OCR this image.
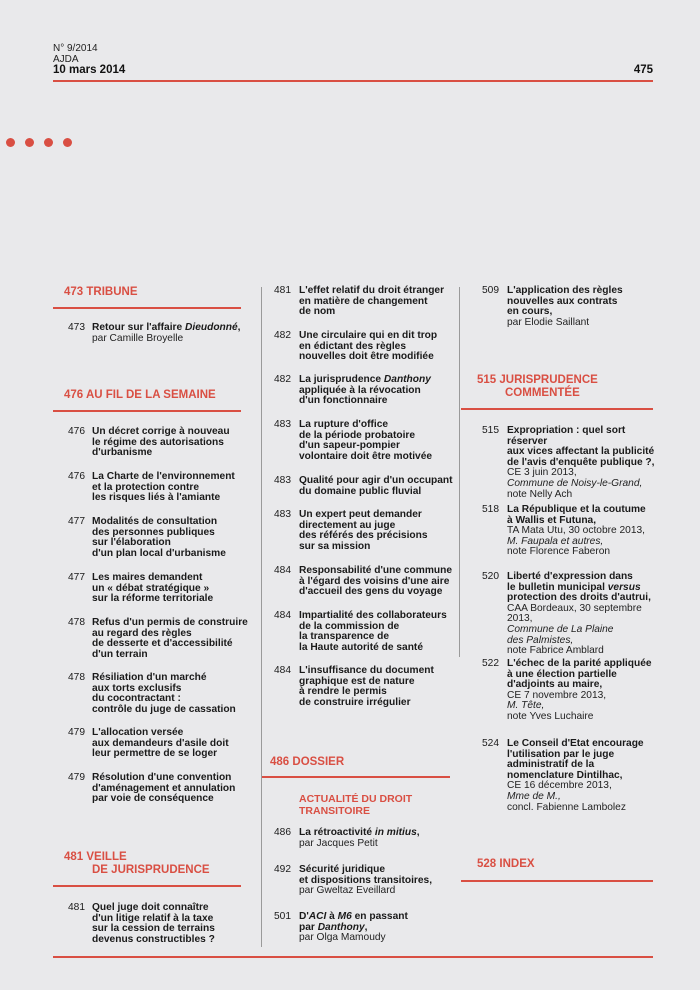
N° 9/2014
AJDA
10 mars 2014	475
473 TRIBUNE
473 Retour sur l'affaire Dieudonné,
par Camille Broyelle
476 AU FIL DE LA SEMAINE
476 Un décret corrige à nouveau
le régime des autorisations
d'urbanisme
476 La Charte de l'environnement
et la protection contre
les risques liés à l'amiante
477 Modalités de consultation
des personnes publiques
sur l'élaboration
d'un plan local d'urbanisme
477 Les maires demandent
un « débat stratégique »
sur la réforme territoriale
478 Refus d'un permis de construire
au regard des règles
de desserte et d'accessibilité
d'un terrain
478 Résiliation d'un marché
aux torts exclusifs
du cocontractant :
contrôle du juge de cassation
479 L'allocation versée
aux demandeurs d'asile doit
leur permettre de se loger
479 Résolution d'une convention
d'aménagement et annulation
par voie de conséquence
481 VEILLE
DE JURISPRUDENCE
481 Quel juge doit connaître
d'un litige relatif à la taxe
sur la cession de terrains
devenus constructibles ?
481 L'effet relatif du droit étranger
en matière de changement
de nom
482 Une circulaire qui en dit trop
en édictant des règles
nouvelles doit être modifiée
482 La jurisprudence Danthony
appliquée à la révocation
d'un fonctionnaire
483 La rupture d'office
de la période probatoire
d'un sapeur-pompier
volontaire doit être motivée
483 Qualité pour agir d'un occupant
du domaine public fluvial
483 Un expert peut demander
directement au juge
des référés des précisions
sur sa mission
484 Responsabilité d'une commune
à l'égard des voisins d'une aire
d'accueil des gens du voyage
484 Impartialité des collaborateurs
de la commission de
la transparence de
la Haute autorité de santé
484 L'insuffisance du document
graphique est de nature
à rendre le permis
de construire irrégulier
486 DOSSIER
ACTUALITÉ DU DROIT
TRANSITOIRE
486 La rétroactivité in mitius,
par Jacques Petit
492 Sécurité juridique
et dispositions transitoires,
par Gweltaz Eveillard
501 D'ACI à M6 en passant
par Danthony,
par Olga Mamoudy
509 L'application des règles
nouvelles aux contrats
en cours,
par Elodie Saillant
515 JURISPRUDENCE
COMMENTÉE
515 Expropriation : quel sort réserver
aux vices affectant la publicité
de l'avis d'enquête publique ?,
CE 3 juin 2013,
Commune de Noisy-le-Grand,
note Nelly Ach
518 La République et la coutume
à Wallis et Futuna,
TA Mata Utu, 30 octobre 2013,
M. Faupala et autres,
note Florence Faberon
520 Liberté d'expression dans
le bulletin municipal versus
protection des droits d'autrui,
CAA Bordeaux, 30 septembre 2013,
Commune de La Plaine
des Palmistes,
note Fabrice Amblard
522 L'échec de la parité appliquée
à une élection partielle
d'adjoints au maire,
CE 7 novembre 2013,
M. Tête,
note Yves Luchaire
524 Le Conseil d'Etat encourage
l'utilisation par le juge
administratif de la
nomenclature Dintilhac,
CE 16 décembre 2013,
Mme de M.,
concl. Fabienne Lambolez
528 INDEX
